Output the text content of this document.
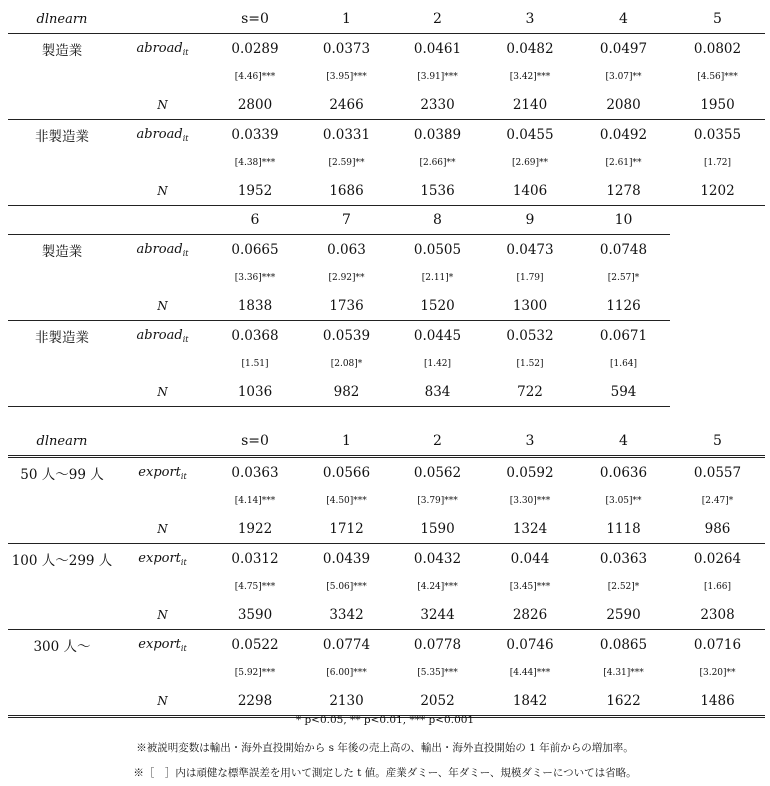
dlnearn		s=0	1	2	3	4	5
製造業	abroad$_{it}$	0.0289	0.0373	0.0461	0.0482	0.0497	0.0802
		[4.46]***	[3.95]***	[3.91]***	[3.42]***	[3.07]**	[4.56]***
	N	2800	2466	2330	2140	2080	1950
非製造業	abroad$_{it}$	0.0339	0.0331	0.0389	0.0455	0.0492	0.0355
		[4.38]***	[2.59]**	[2.66]**	[2.69]**	[2.61]**	[1.72]
	N	1952	1686	1536	1406	1278	1202
		6	7	8	9	10	
製造業	abroad$_{it}$	0.0665	0.063	0.0505	0.0473	0.0748	
		[3.36]***	[2.92]**	[2.11]*	[1.79]	[2.57]*	
	N	1838	1736	1520	1300	1126	
非製造業	abroad$_{it}$	0.0368	0.0539	0.0445	0.0532	0.0671	
		[1.51]	[2.08]*	[1.42]	[1.52]	[1.64]	
	N	1036	982	834	722	594	
dlnearn		s=0	1	2	3	4	5
50 人～99 人	export$_{it}$	0.0363	0.0566	0.0562	0.0592	0.0636	0.0557
		[4.14]***	[4.50]***	[3.79]***	[3.30]***	[3.05]**	[2.47]*
	N	1922	1712	1590	1324	1118	986
100 人～299 人	export$_{it}$	0.0312	0.0439	0.0432	0.044	0.0363	0.0264
		[4.75]***	[5.06]***	[4.24]***	[3.45]***	[2.52]*	[1.66]
	N	3590	3342	3244	2826	2590	2308
300 人～	export$_{it}$	0.0522	0.0774	0.0778	0.0746	0.0865	0.0716
		[5.92]***	[6.00]***	[5.35]***	[4.44]***	[4.31]***	[3.20]**
	N	2298	2130	2052	1842	1622	1486
* p<0.05, ** p<0.01, *** p<0.001
※被説明変数は輸出・海外直投開始から s 年後の売上高の、輸出・海外直投開始の 1 年前からの増加率。
※［　］内は頑健な標準誤差を用いて測定した t 値。産業ダミー、年ダミー、規模ダミーについては省略。
